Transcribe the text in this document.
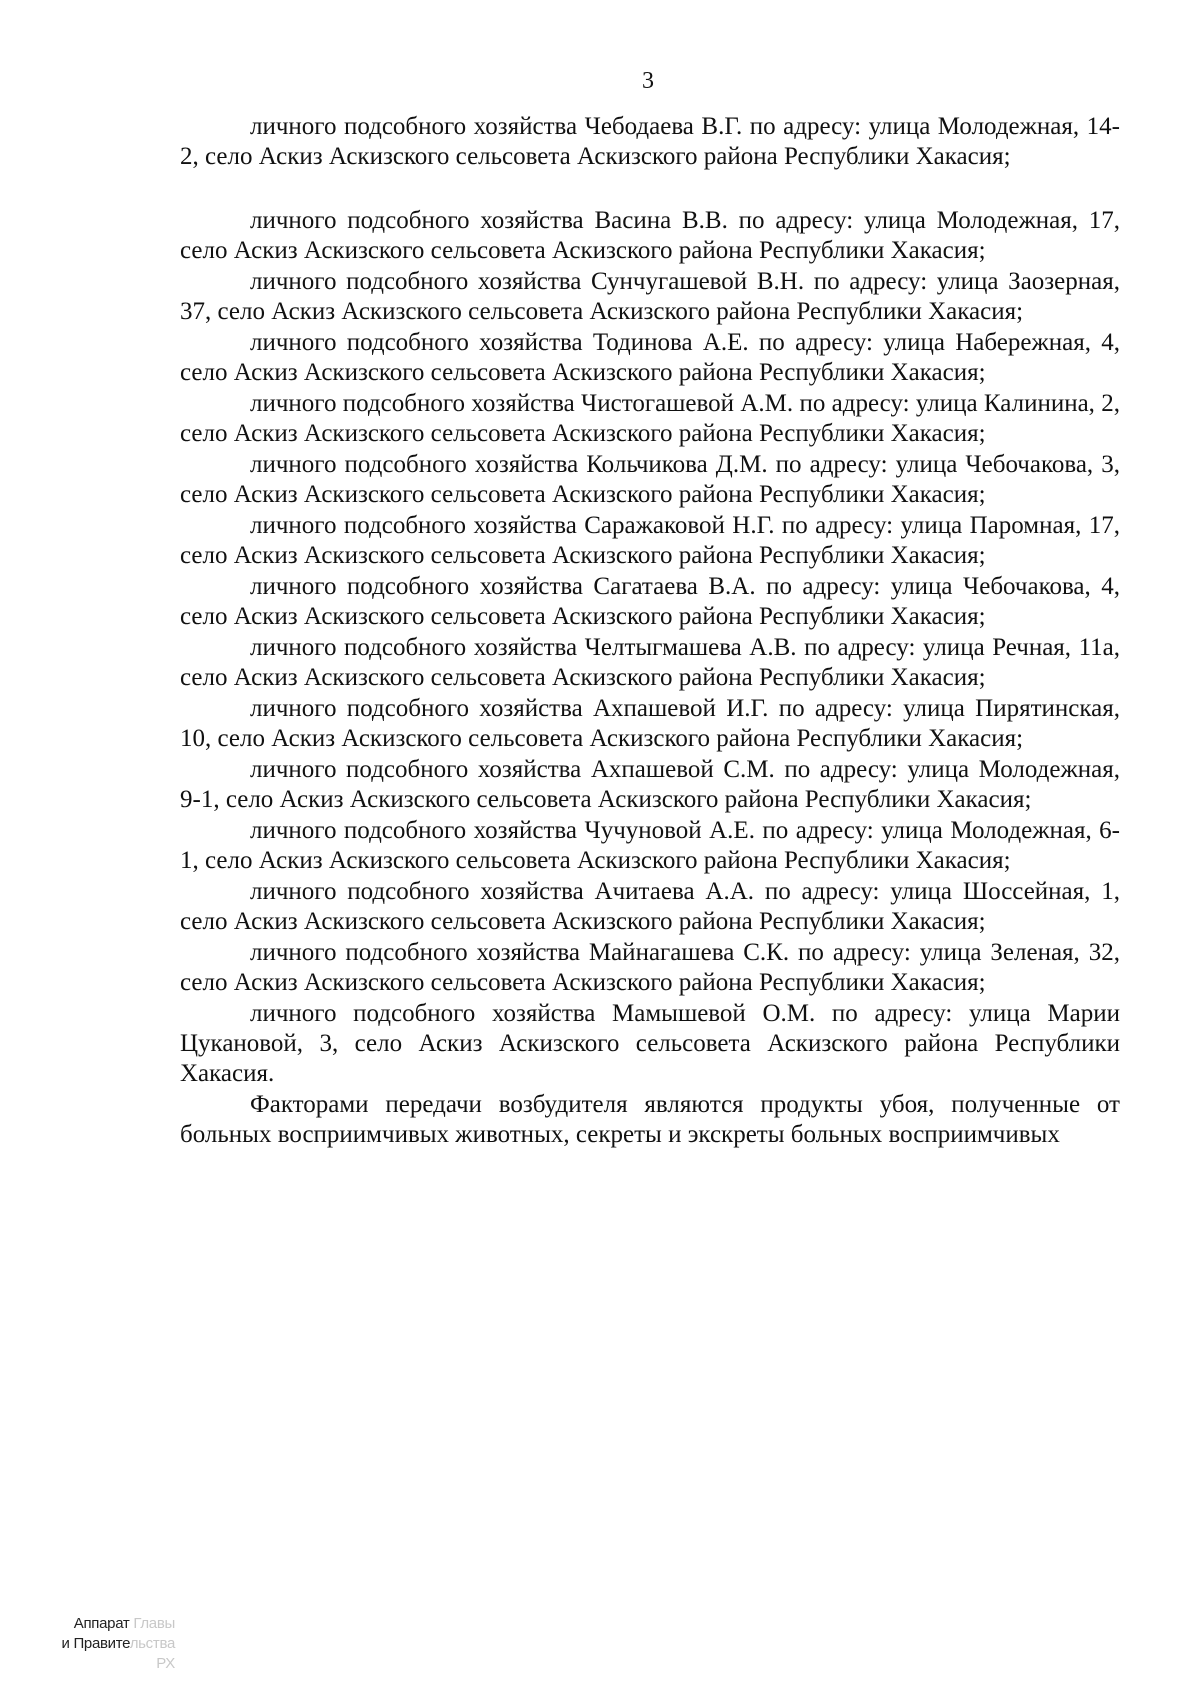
3

личного подсобного хозяйства Чебодаева В.Г. по адресу: улица Молодежная, 14-2, село Аскиз Аскизского сельсовета Аскизского района Республики Хакасия;

личного подсобного хозяйства Васина В.В. по адресу: улица Молодежная, 17, село Аскиз Аскизского сельсовета Аскизского района Республики Хакасия;

личного подсобного хозяйства Сунчугашевой В.Н. по адресу: улица Заозерная, 37, село Аскиз Аскизского сельсовета Аскизского района Республики Хакасия;

личного подсобного хозяйства Тодинова А.Е. по адресу: улица Набережная, 4, село Аскиз Аскизского сельсовета Аскизского района Республики Хакасия;

личного подсобного хозяйства Чистогашевой А.М. по адресу: улица Калинина, 2, село Аскиз Аскизского сельсовета Аскизского района Республики Хакасия;

личного подсобного хозяйства Кольчикова Д.М. по адресу: улица Чебочакова, 3, село Аскиз Аскизского сельсовета Аскизского района Республики Хакасия;

личного подсобного хозяйства Саражаковой Н.Г. по адресу: улица Паромная, 17, село Аскиз Аскизского сельсовета Аскизского района Республики Хакасия;

личного подсобного хозяйства Сагатаева В.А. по адресу: улица Чебочакова, 4, село Аскиз Аскизского сельсовета Аскизского района Республики Хакасия;

личного подсобного хозяйства Челтыгмашева А.В. по адресу: улица Речная, 11а, село Аскиз Аскизского сельсовета Аскизского района Республики Хакасия;

личного подсобного хозяйства Ахпашевой И.Г. по адресу: улица Пирятинская, 10, село Аскиз Аскизского сельсовета Аскизского района Республики Хакасия;

личного подсобного хозяйства Ахпашевой С.М. по адресу: улица Молодежная, 9-1, село Аскиз Аскизского сельсовета Аскизского района Республики Хакасия;

личного подсобного хозяйства Чучуновой А.Е. по адресу: улица Молодежная, 6-1, село Аскиз Аскизского сельсовета Аскизского района Республики Хакасия;

личного подсобного хозяйства Ачитаева А.А. по адресу: улица Шоссейная, 1, село Аскиз Аскизского сельсовета Аскизского района Республики Хакасия;

личного подсобного хозяйства Майнагашева С.К. по адресу: улица Зеленая, 32, село Аскиз Аскизского сельсовета Аскизского района Республики Хакасия;

личного подсобного хозяйства Мамышевой О.М. по адресу: улица Марии Цукановой, 3, село Аскиз Аскизского сельсовета Аскизского района Республики Хакасия.

Факторами передачи возбудителя являются продукты убоя, полученные от больных восприимчивых животных, секреты и экскреты больных восприимчивых

Аппарат Главы
и Правительства РХ
